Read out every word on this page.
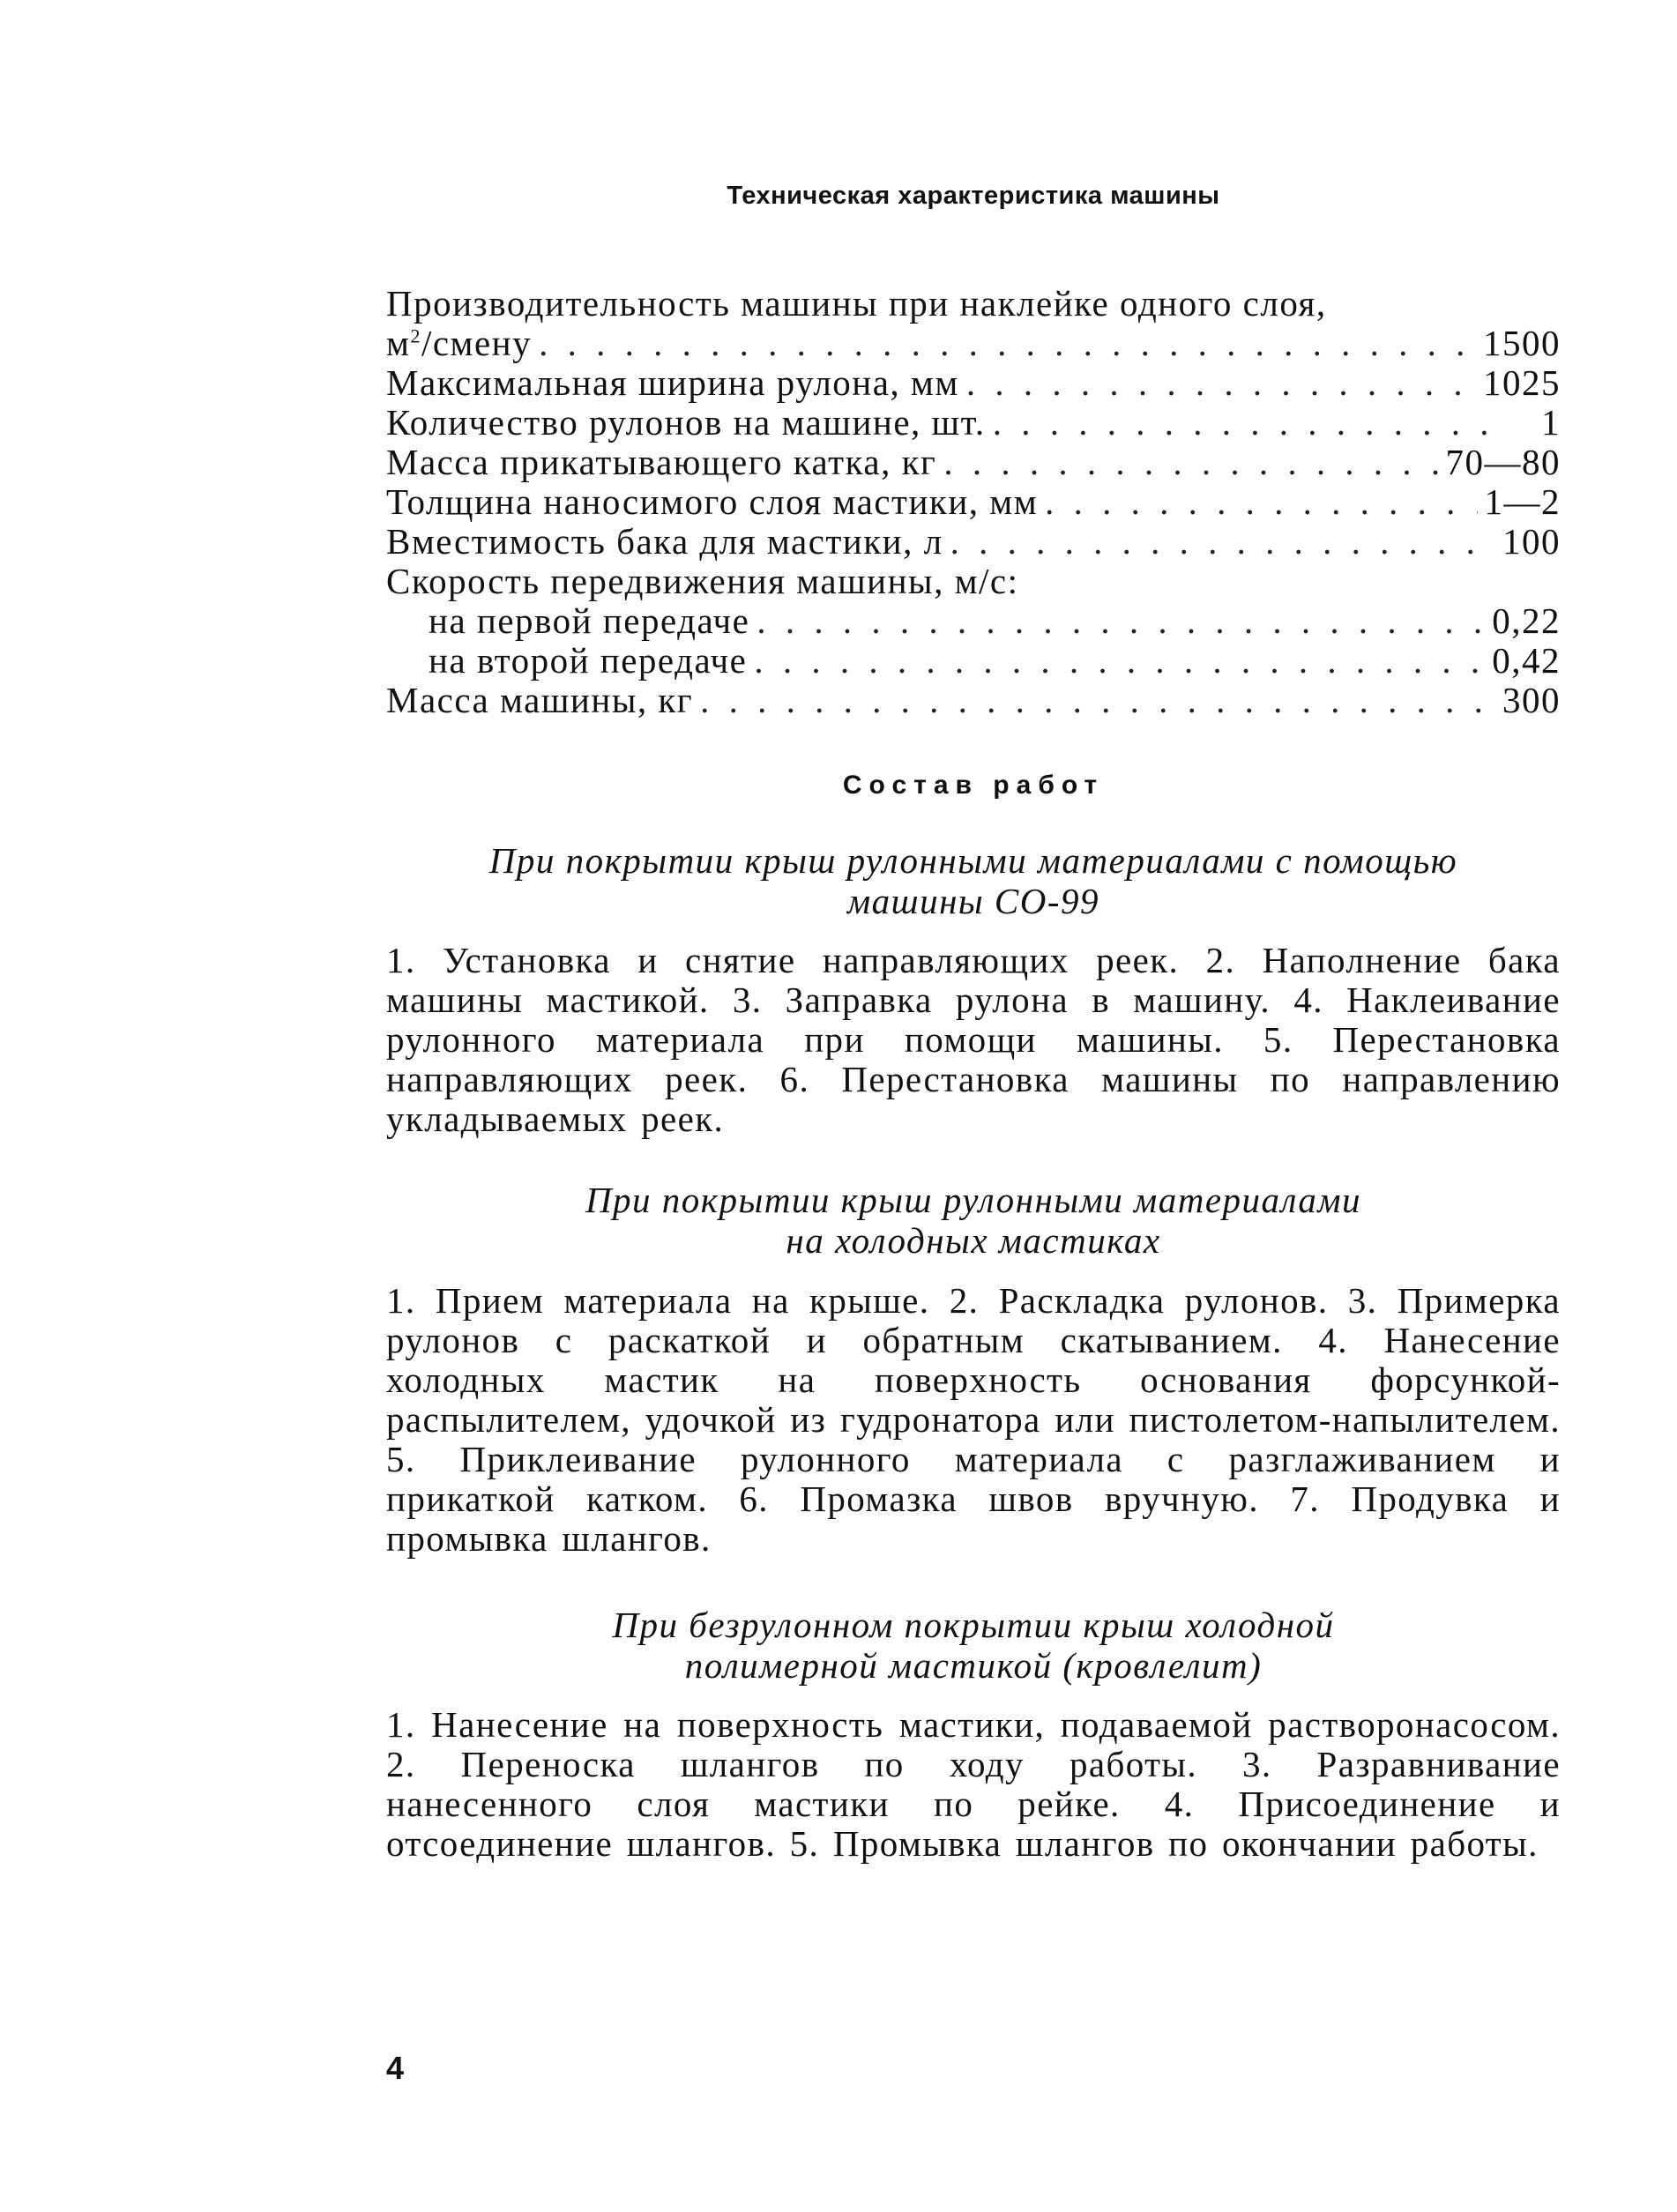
Техническая характеристика машины
Производительность машины при наклейке одного слоя,
$м^2$/смену . . .	1500
Максимальная ширина рулона, мм . . .	1025
Количество рулонов на машине, шт. . . .	1
Масса прикатывающего катка, кг . . .	70—80
Толщина наносимого слоя мастики, мм . . .	1—2
Вместимость бака для мастики, л . . .	100
Скорость передвижения машины, м/с:
на первой передаче . . .	0,22
на второй передаче . . .	0,42
Масса машины, кг . . .	300
Состав работ
При покрытии крыш рулонными материалами с помощью
машины СО-99
1. Установка и снятие направляющих реек. 2. Наполнение бака машины мастикой. 3. Заправка рулона в машину. 4. Наклеивание рулонного материала при помощи машины. 5. Перестановка направляющих реек. 6. Перестановка машины по направлению укладываемых реек.
При покрытии крыш рулонными материалами
на холодных мастиках
1. Прием материала на крыше. 2. Раскладка рулонов. 3. Примерка рулонов с раскаткой и обратным скатыванием. 4. Нанесение холодных мастик на поверхность основания форсункой-распылителем, удочкой из гудронатора или пистолетом-напылителем. 5. Приклеивание рулонного материала с разглаживанием и прикаткой катком. 6. Промазка швов вручную. 7. Продувка и промывка шлангов.
При безрулонном покрытии крыш холодной
полимерной мастикой (кровлелит)
1. Нанесение на поверхность мастики, подаваемой растворонасосом. 2. Переноска шлангов по ходу работы. 3. Разравнивание нанесенного слоя мастики по рейке. 4. Присоединение и отсоединение шлангов. 5. Промывка шлангов по окончании работы.
4
